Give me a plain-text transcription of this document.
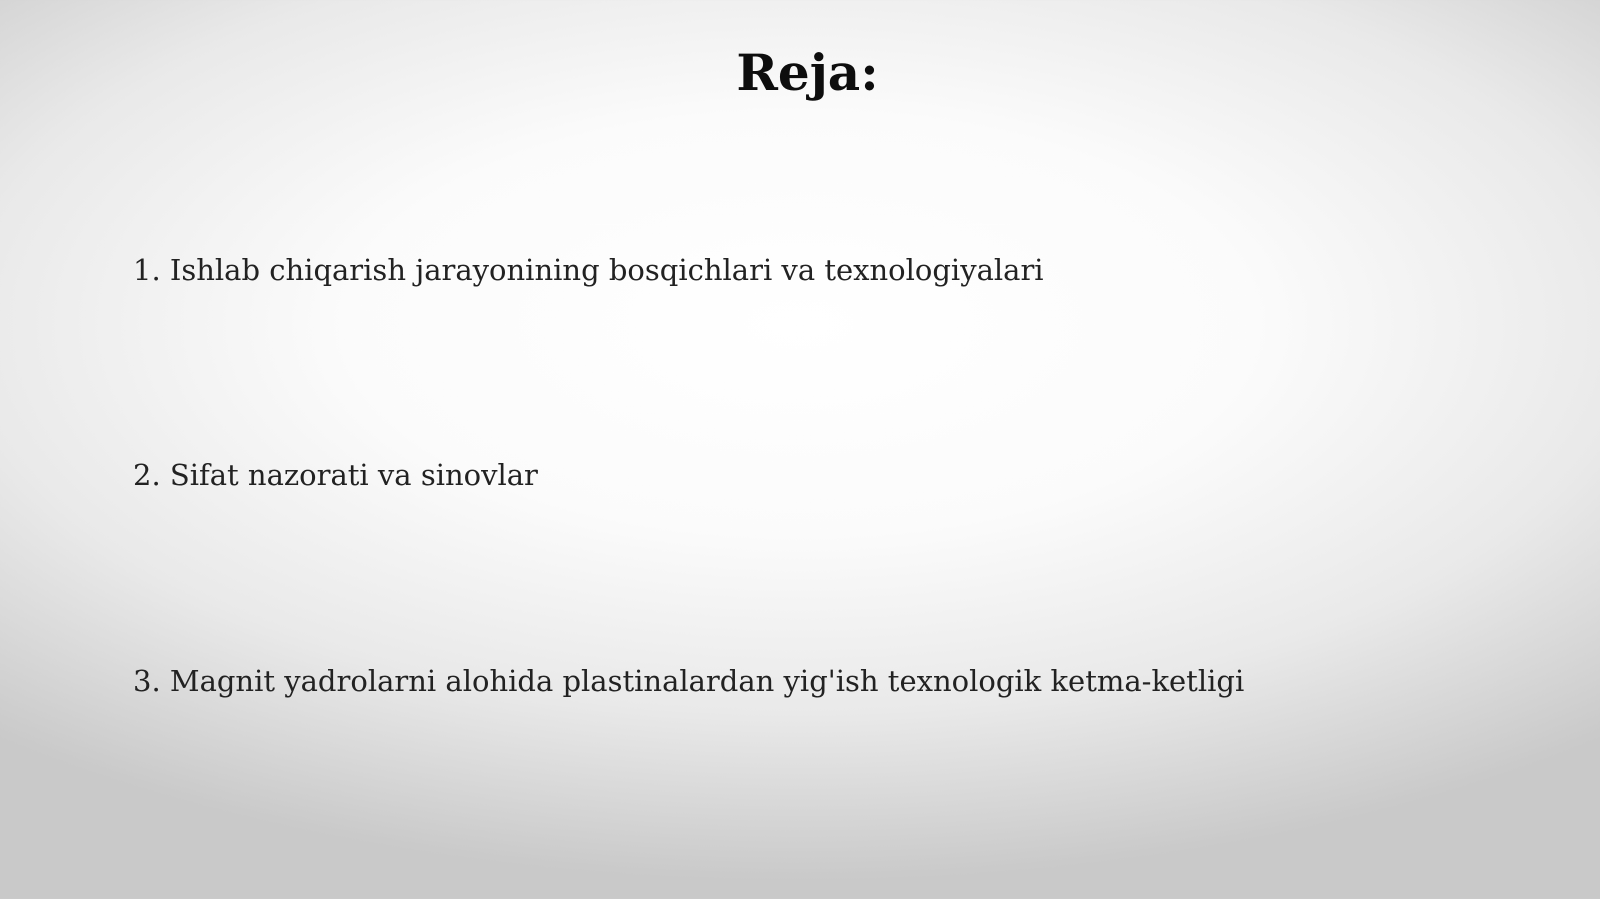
Reja:
1. Ishlab chiqarish jarayonining bosqichlari va texnologiyalari
2. Sifat nazorati va sinovlar
3. Magnit yadrolarni alohida plastinalardan yig'ish texnologik ketma-ketligi
